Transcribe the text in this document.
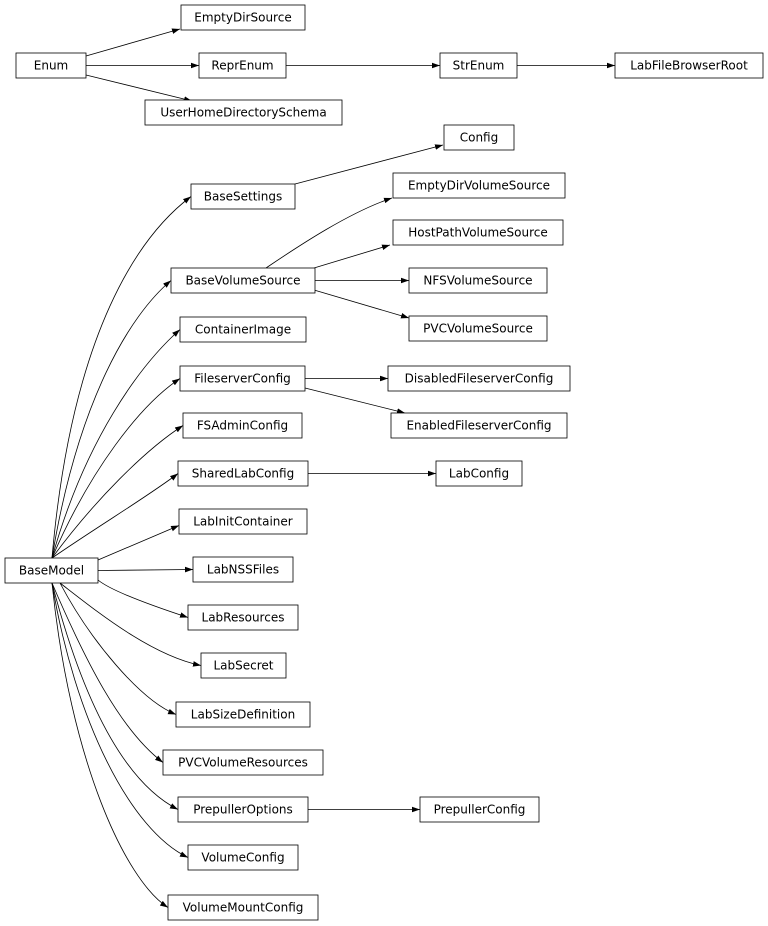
Enum
EmptyDirSource
ReprEnum	StrEnum	LabFileBrowserRoot
UserHomeDirectorySchema
Config
BaseSettings
EmptyDirVolumeSource
HostPathVolumeSource
BaseVolumeSource	NFSVolumeSource
PVCVolumeSource
ContainerImage
FileserverConfig	DisabledFileserverConfig
EnabledFileserverConfig
FSAdminConfig
SharedLabConfig	LabConfig
LabInitContainer
BaseModel	LabNSSFiles
LabResources
LabSecret
LabSizeDefinition
PVCVolumeResources
PrepullerOptions	PrepullerConfig
VolumeConfig
VolumeMountConfig
